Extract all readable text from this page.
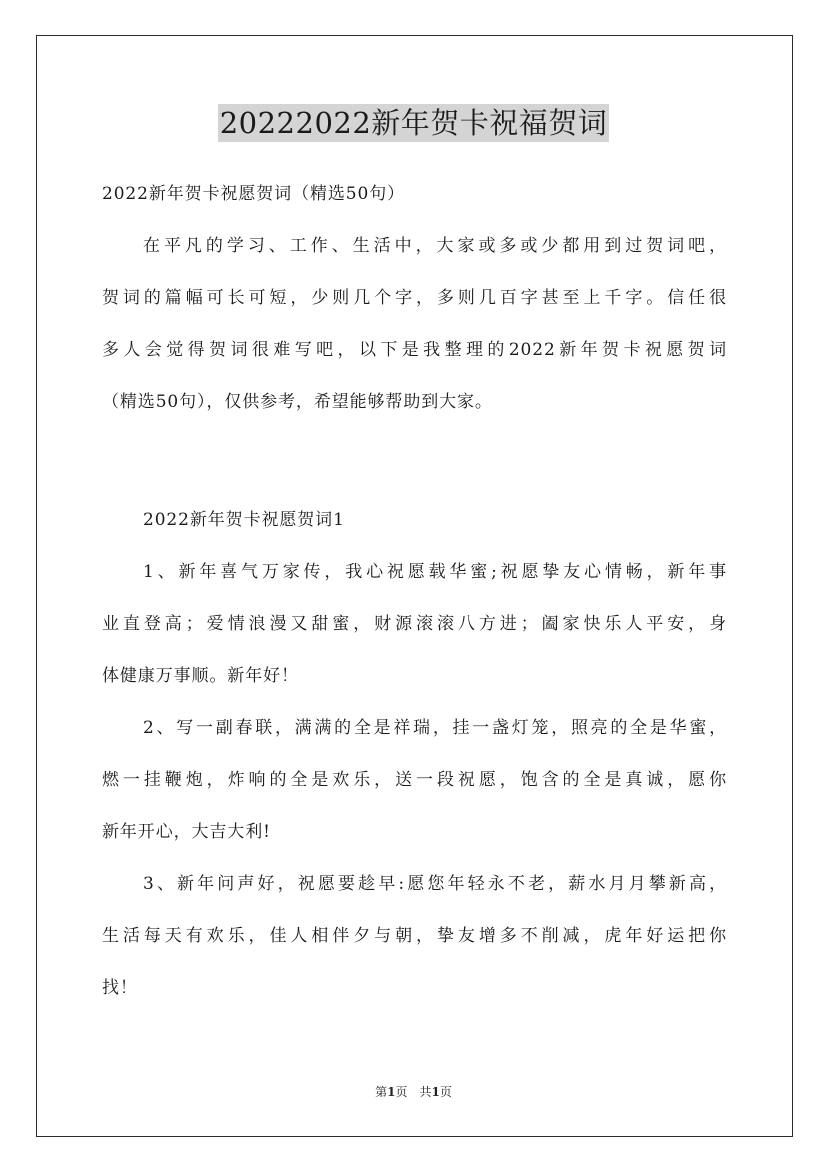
20222022新年贺卡祝福贺词

2022新年贺卡祝愿贺词（精选50句）

在平凡的学习、工作、生活中，大家或多或少都用到过贺词吧，

贺词的篇幅可长可短，少则几个字，多则几百字甚至上千字。信任很

多人会觉得贺词很难写吧，以下是我整理的2022新年贺卡祝愿贺词

（精选50句），仅供参考，希望能够帮助到大家。

2022新年贺卡祝愿贺词1

1、新年喜气万家传，我心祝愿载华蜜;祝愿挚友心情畅，新年事

业直登高；爱情浪漫又甜蜜，财源滚滚八方进；阖家快乐人平安，身

体健康万事顺。新年好！

2、写一副春联，满满的全是祥瑞，挂一盏灯笼，照亮的全是华蜜，

燃一挂鞭炮，炸响的全是欢乐，送一段祝愿，饱含的全是真诚，愿你

新年开心，大吉大利!

3、新年问声好，祝愿要趁早:愿您年轻永不老，薪水月月攀新高，

生活每天有欢乐，佳人相伴夕与朝，挚友增多不削减，虎年好运把你

找！

第1页　共1页
